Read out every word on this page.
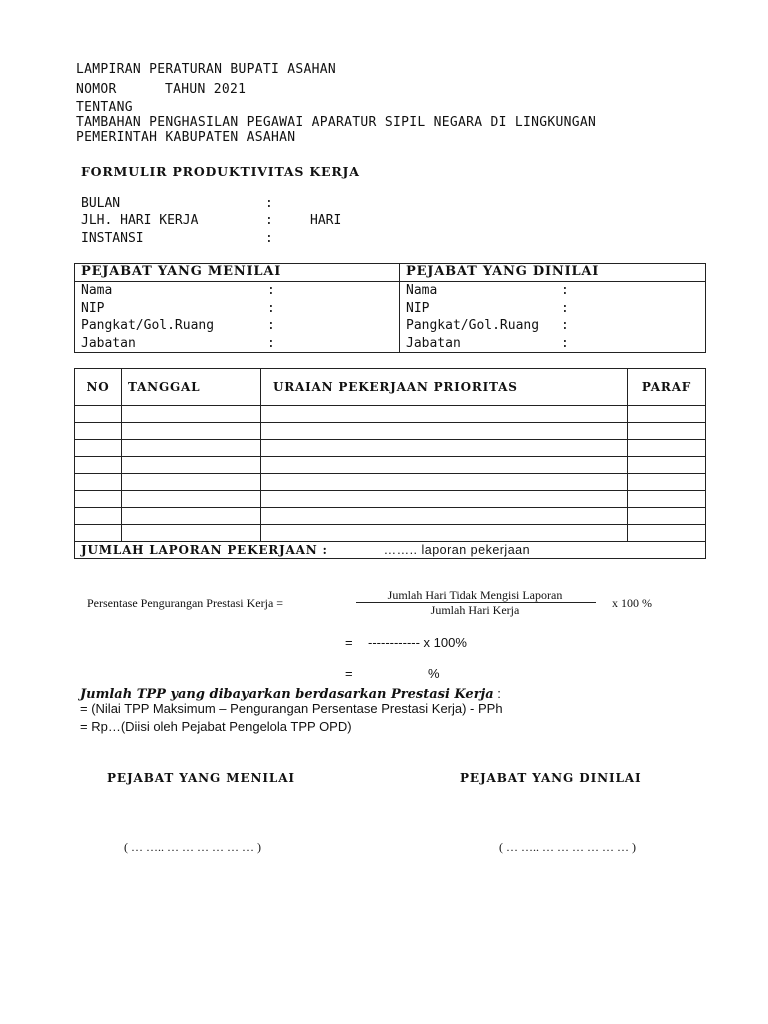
LAMPIRAN PERATURAN BUPATI ASAHAN
NOMOR	TAHUN 2021
TENTANG
TAMBAHAN PENGHASILAN PEGAWAI APARATUR SIPIL NEGARA DI LINGKUNGAN
PEMERINTAH KABUPATEN ASAHAN
FORMULIR PRODUKTIVITAS KERJA
BULAN	:
JLH. HARI KERJA	:	HARI
INSTANSI	:
PEJABAT YANG MENILAI	PEJABAT YANG DINILAI

Nama	:
NIP	:
Pangkat/Gol.Ruang	:
Jabatan	:

Nama	:
NIP	:
Pangkat/Gol.Ruang	:
Jabatan	:
NO	TANGGAL	URAIAN PEKERJAAN PRIORITAS	PARAF

JUMLAH LAPORAN PEKERJAAN : …….. laporan pekerjaan			
Persentase Pengurangan Prestasi Kerja =
Jumlah Hari Tidak Mengisi Laporan
Jumlah Hari Kerja	x 100 %
= ------------ x 100%
=	%
Jumlah TPP yang dibayarkan berdasarkan Prestasi Kerja :
= (Nilai TPP Maksimum – Pengurangan Persentase Prestasi Kerja) - PPh
= Rp…(Diisi oleh Pejabat Pengelola TPP OPD)
PEJABAT YANG MENILAI	PEJABAT YANG DINILAI
( … ….. … … … … … … )	( … ….. … … … … … … )
